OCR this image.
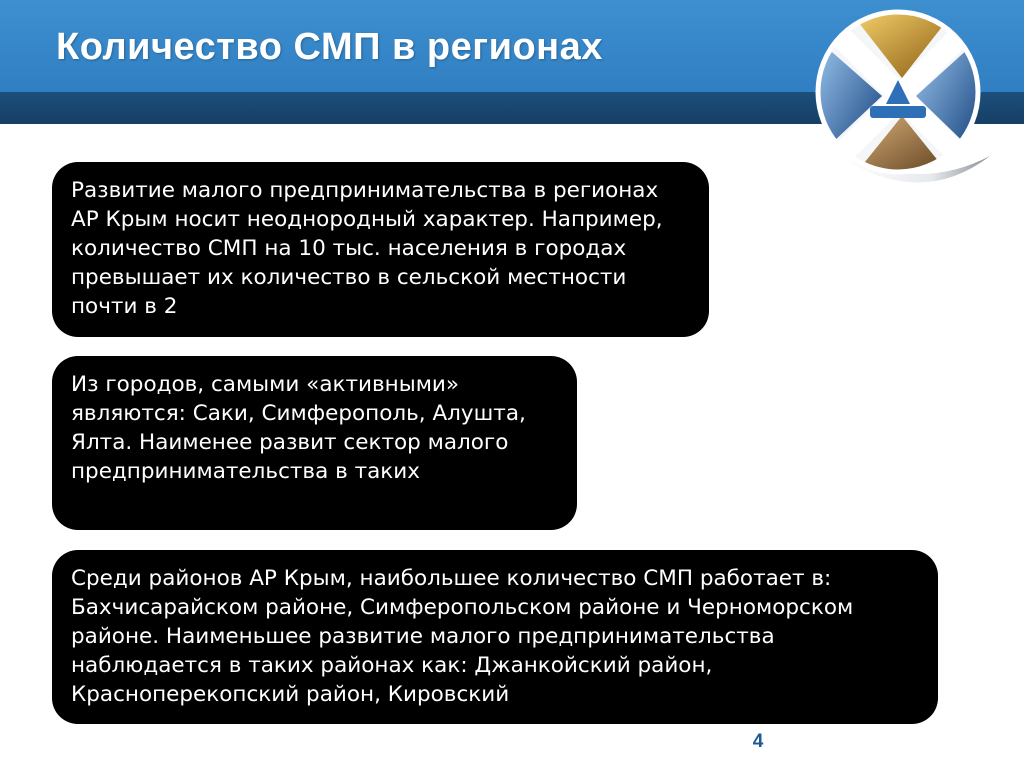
Количество СМП в регионах

Развитие малого предпринимательства в регионах АР Крым носит неоднородный характер. Например, количество СМП на 10 тыс. населения в городах превышает их количество в сельской местности почти в 2

Из городов, самыми «активными» являются: Саки, Симферополь, Алушта, Ялта. Наименее развит сектор малого предпринимательства в таких

Среди районов АР Крым, наибольшее количество СМП работает в: Бахчисарайском районе, Симферопольском районе и Черноморском районе. Наименьшее развитие малого предпринимательства наблюдается в таких районах как: Джанкойский район, Красноперекопский район, Кировский

4
